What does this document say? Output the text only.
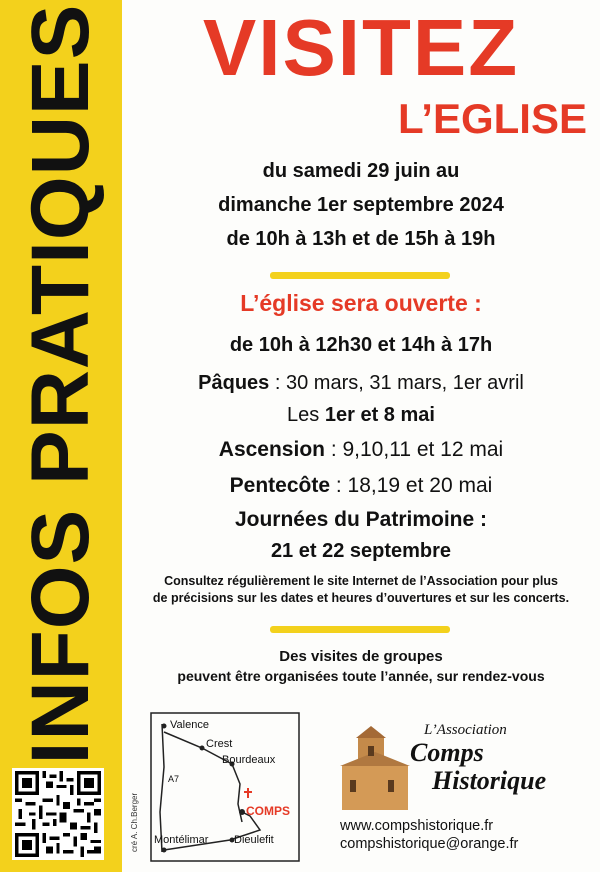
INFOS PRATIQUES	VISITEZ
L’EGLISE
du samedi 29 juin au
dimanche 1er septembre 2024
de 10h à 13h et de 15h à 19h
L’église sera ouverte :
de 10h à 12h30 et 14h à 17h
Pâques : 30 mars, 31 mars, 1er avril
Les 1er et 8 mai
Ascension : 9,10,11 et 12 mai
Pentecôte : 18,19 et 20 mai
Journées du Patrimoine :
21 et 22 septembre
Consultez régulièrement le site Internet de l’Association pour plus
de précisions sur les dates et heures d’ouvertures et sur les concerts.
Des visites de groupes
peuvent être organisées toute l’année, sur rendez-vous
Valence
Crest
Bourdeaux
A7
COMPS
Montélimar Dieulefit
L’Association
Comps
Historique
www.compshistorique.fr
compshistorique@orange.fr
cré A. Ch.Berger
